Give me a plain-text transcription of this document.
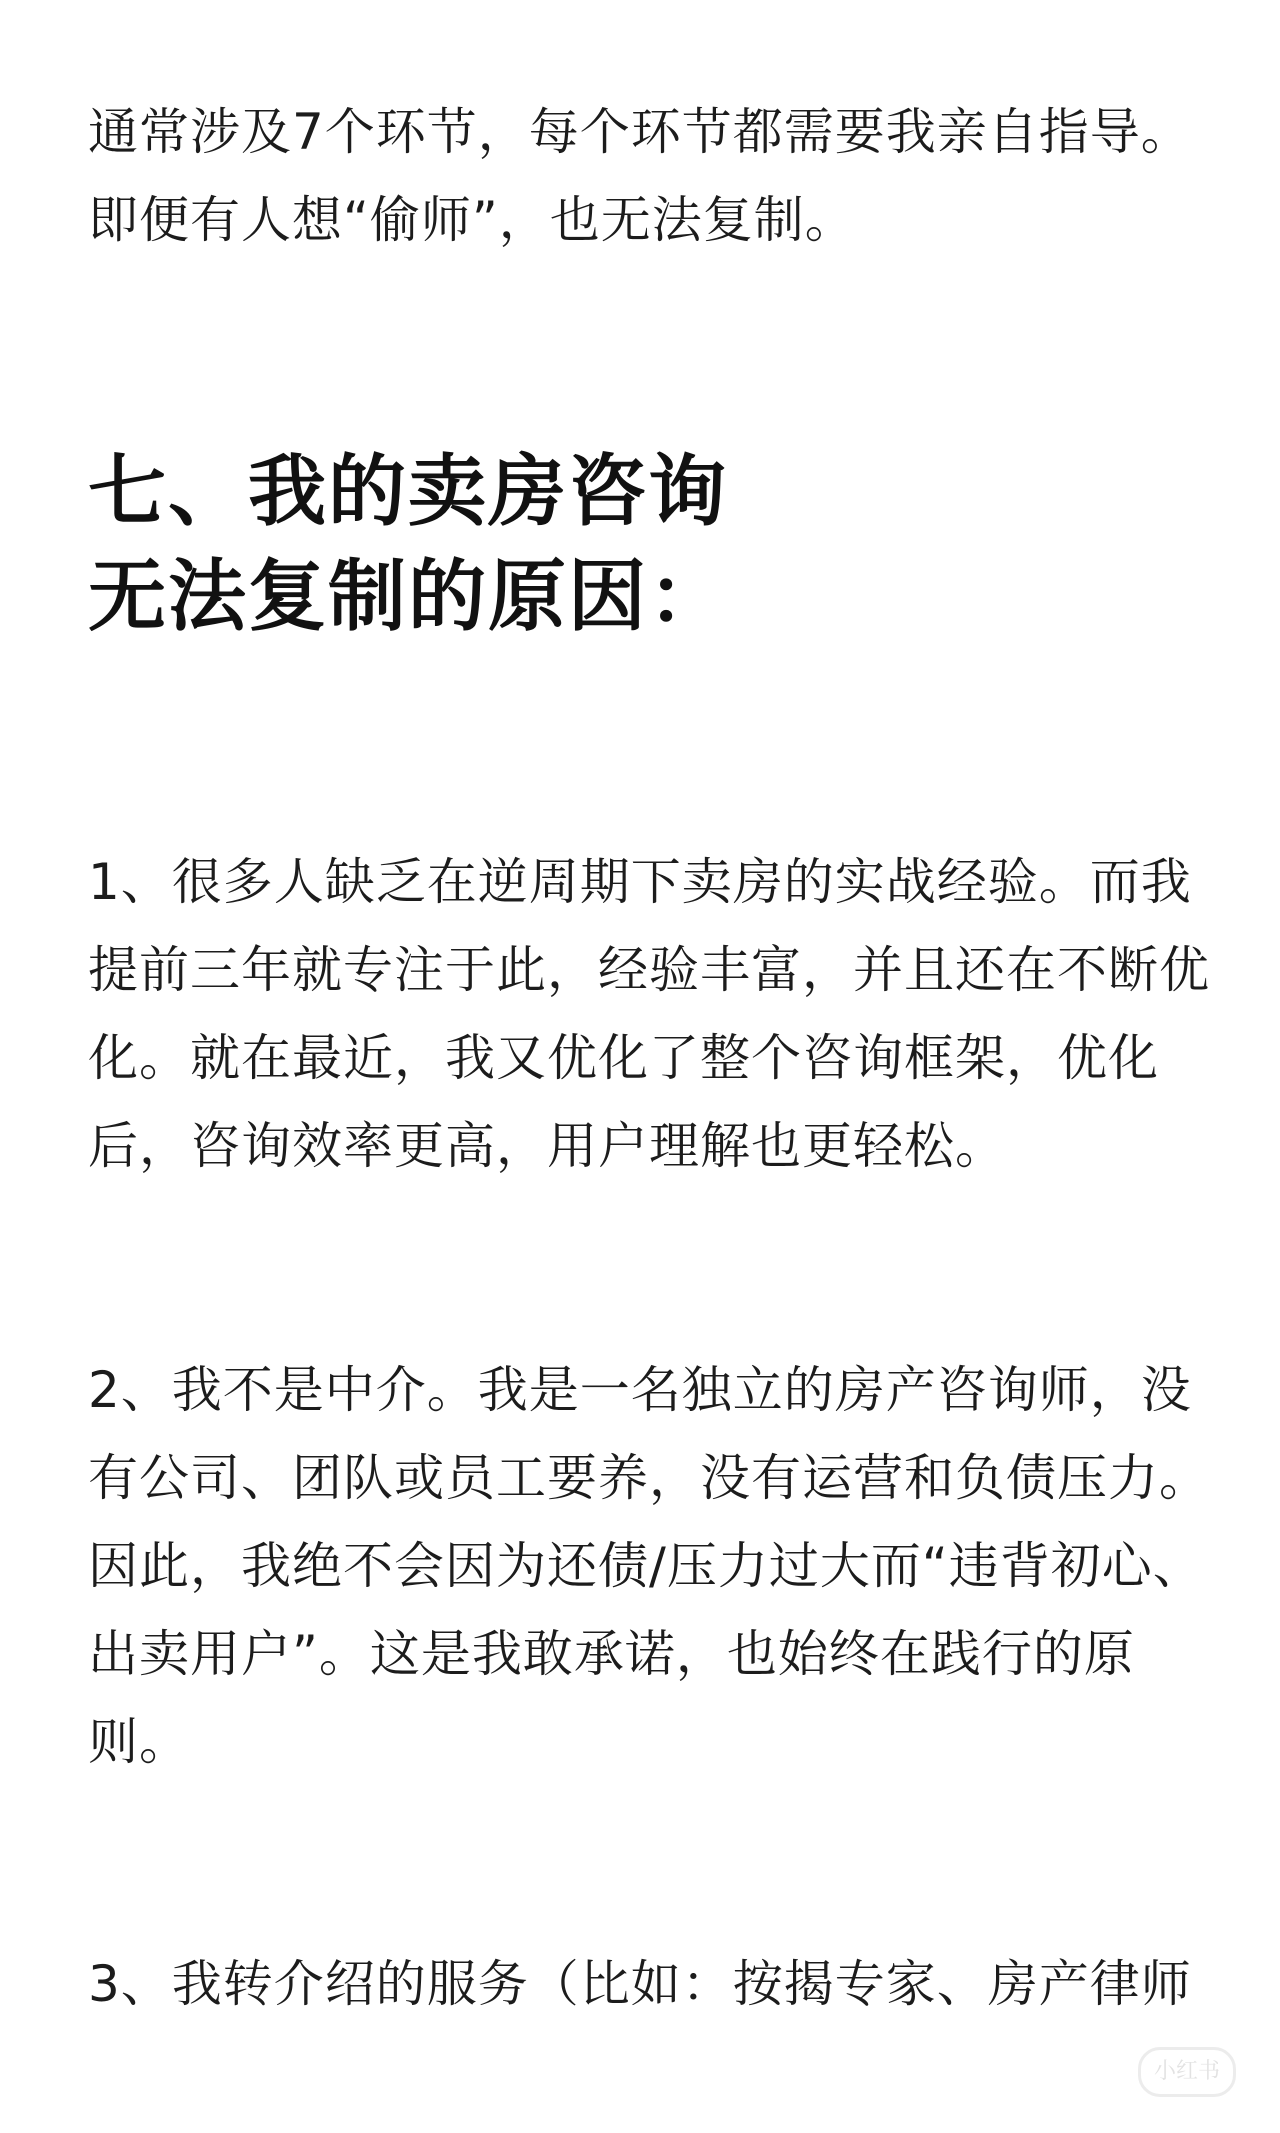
通常涉及7个环节，每个环节都需要我亲自指导。
即便有人想“偷师”，也无法复制。

七、我的卖房咨询
无法复制的原因：

1、很多人缺乏在逆周期下卖房的实战经验。而我
提前三年就专注于此，经验丰富，并且还在不断优
化。就在最近，我又优化了整个咨询框架，优化
后，咨询效率更高，用户理解也更轻松。

2、我不是中介。我是一名独立的房产咨询师，没
有公司、团队或员工要养，没有运营和负债压力。
因此，我绝不会因为还债/压力过大而“违背初心、
出卖用户”。这是我敢承诺，也始终在践行的原
则。

3、我转介绍的服务（比如：按揭专家、房产律师

小红书
